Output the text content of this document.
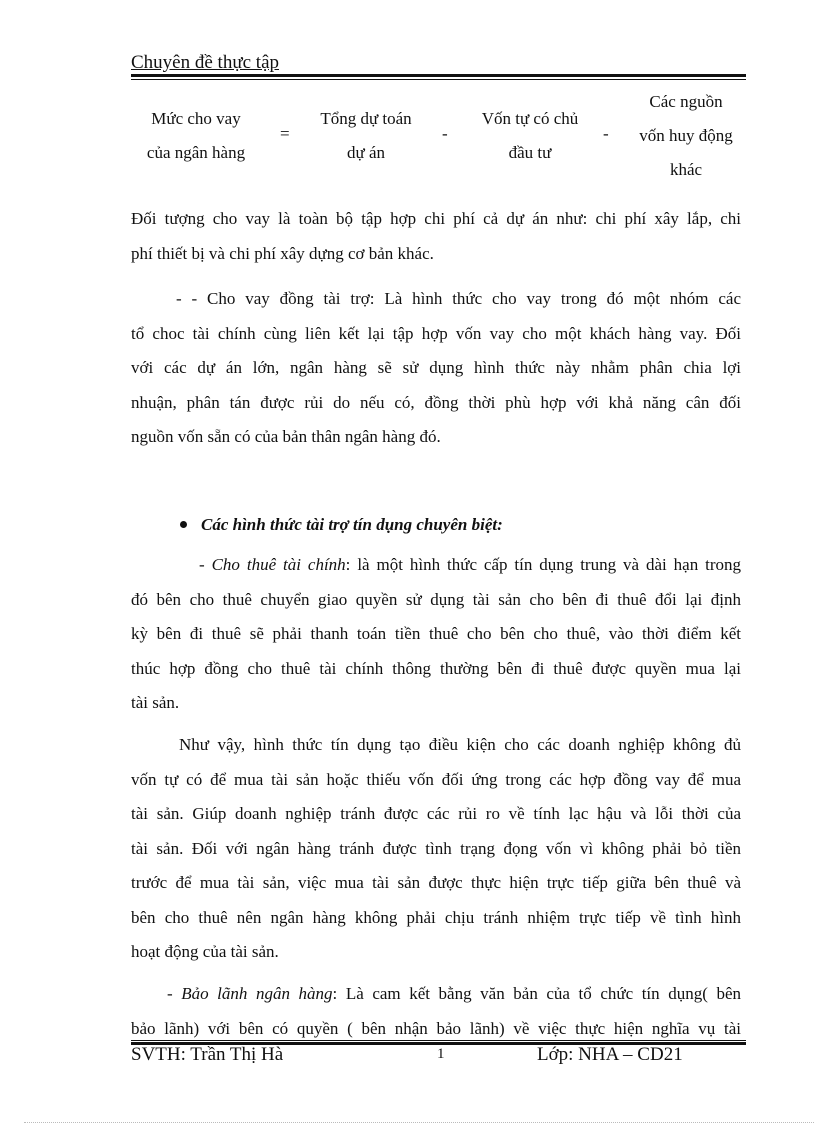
Chuyên đề thực tập
Mức cho vay
của ngân hàng
=
Tổng dự toán
dự án
-
Vốn tự có chủ
đầu tư
-
Các nguồn
vốn huy động
khác
Đối tượng cho vay là toàn bộ tập hợp chi phí cả dự án như: chi phí xây lắp, chi
phí thiết bị và chi phí xây dựng cơ bản khác.
- - Cho vay đồng tài trợ: Là hình thức cho vay trong đó một nhóm các
tổ choc tài chính cùng liên kết lại tập hợp vốn vay cho một khách hàng vay. Đối
với các dự án lớn, ngân hàng sẽ sử dụng hình thức này nhằm phân chia lợi
nhuận, phân tán được rủi do nếu có, đồng thời phù hợp với khả năng cân đối
nguồn vốn sẵn có của bản thân ngân hàng đó.
Các hình thức tài trợ tín dụng chuyên biệt:
- Cho thuê tài chính: là một hình thức cấp tín dụng trung và dài hạn trong
đó bên cho thuê chuyển giao quyền sử dụng tài sản cho bên đi thuê đổi lại định
kỳ bên đi thuê sẽ phải thanh toán tiền thuê cho bên cho thuê, vào thời điểm kết
thúc hợp đồng cho thuê tài chính thông thường bên đi thuê được quyền mua lại
tài sản.
Như vậy, hình thức tín dụng tạo điều kiện cho các doanh nghiệp không đủ
vốn tự có để mua tài sản hoặc thiếu vốn đối ứng trong các hợp đồng vay để mua
tài sản. Giúp doanh nghiệp tránh được các rủi ro về tính lạc hậu và lỗi thời của
tài sản. Đối với ngân hàng tránh được tình trạng đọng vốn vì không phải bỏ tiền
trước để mua tài sản, việc mua tài sản được thực hiện trực tiếp giữa bên thuê và
bên cho thuê nên ngân hàng không phải chịu tránh nhiệm trực tiếp về tình hình
hoạt động của tài sản.
- Bảo lãnh ngân hàng: Là cam kết bằng văn bản của tổ chức tín dụng( bên
bảo lãnh) với bên có quyền ( bên nhận bảo lãnh) về việc thực hiện nghĩa vụ tài
SVTH: Trần Thị Hà	1	Lớp: NHA – CD21
